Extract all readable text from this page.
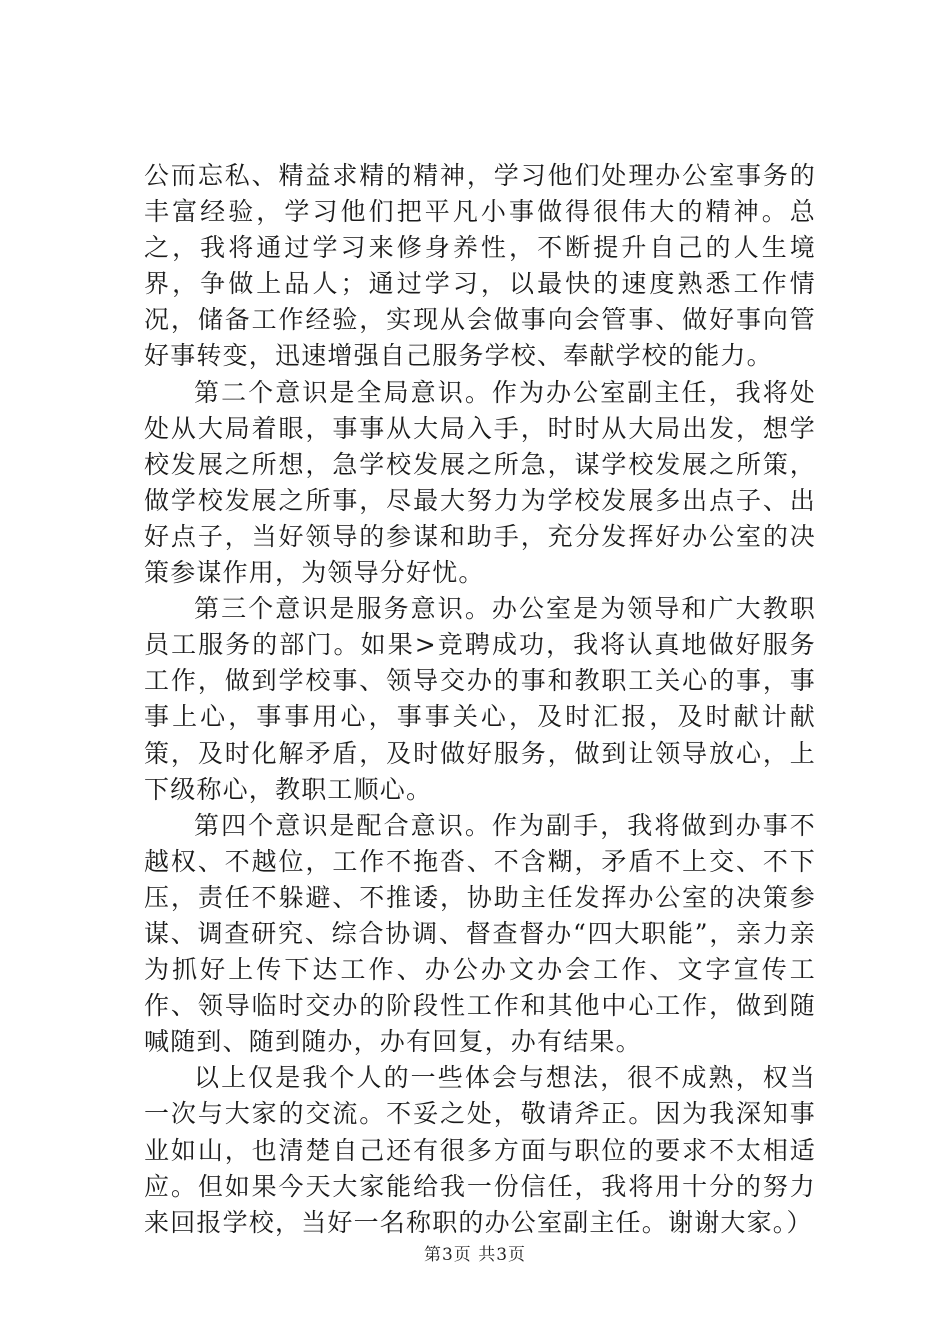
公而忘私、精益求精的精神，学习他们处理办公室事务的丰富经验，学习他们把平凡小事做得很伟大的精神。总之，我将通过学习来修身养性，不断提升自己的人生境界，争做上品人；通过学习，以最快的速度熟悉工作情况，储备工作经验，实现从会做事向会管事、做好事向管好事转变，迅速增强自己服务学校、奉献学校的能力。

第二个意识是全局意识。作为办公室副主任，我将处处从大局着眼，事事从大局入手，时时从大局出发，想学校发展之所想，急学校发展之所急，谋学校发展之所策，做学校发展之所事，尽最大努力为学校发展多出点子、出好点子，当好领导的参谋和助手，充分发挥好办公室的决策参谋作用，为领导分好忧。

第三个意识是服务意识。办公室是为领导和广大教职员工服务的部门。如果>竞聘成功，我将认真地做好服务工作，做到学校事、领导交办的事和教职工关心的事，事事上心，事事用心，事事关心，及时汇报，及时献计献策，及时化解矛盾，及时做好服务，做到让领导放心，上下级称心，教职工顺心。

第四个意识是配合意识。作为副手，我将做到办事不越权、不越位，工作不拖沓、不含糊，矛盾不上交、不下压，责任不躲避、不推诿，协助主任发挥办公室的决策参谋、调查研究、综合协调、督查督办“四大职能”，亲力亲为抓好上传下达工作、办公办文办会工作、文字宣传工作、领导临时交办的阶段性工作和其他中心工作，做到随喊随到、随到随办，办有回复，办有结果。

以上仅是我个人的一些体会与想法，很不成熟，权当一次与大家的交流。不妥之处，敬请斧正。因为我深知事业如山，也清楚自己还有很多方面与职位的要求不太相适应。但如果今天大家能给我一份信任，我将用十分的努力来回报学校，当好一名称职的办公室副主任。谢谢大家。）

第3页 共3页
